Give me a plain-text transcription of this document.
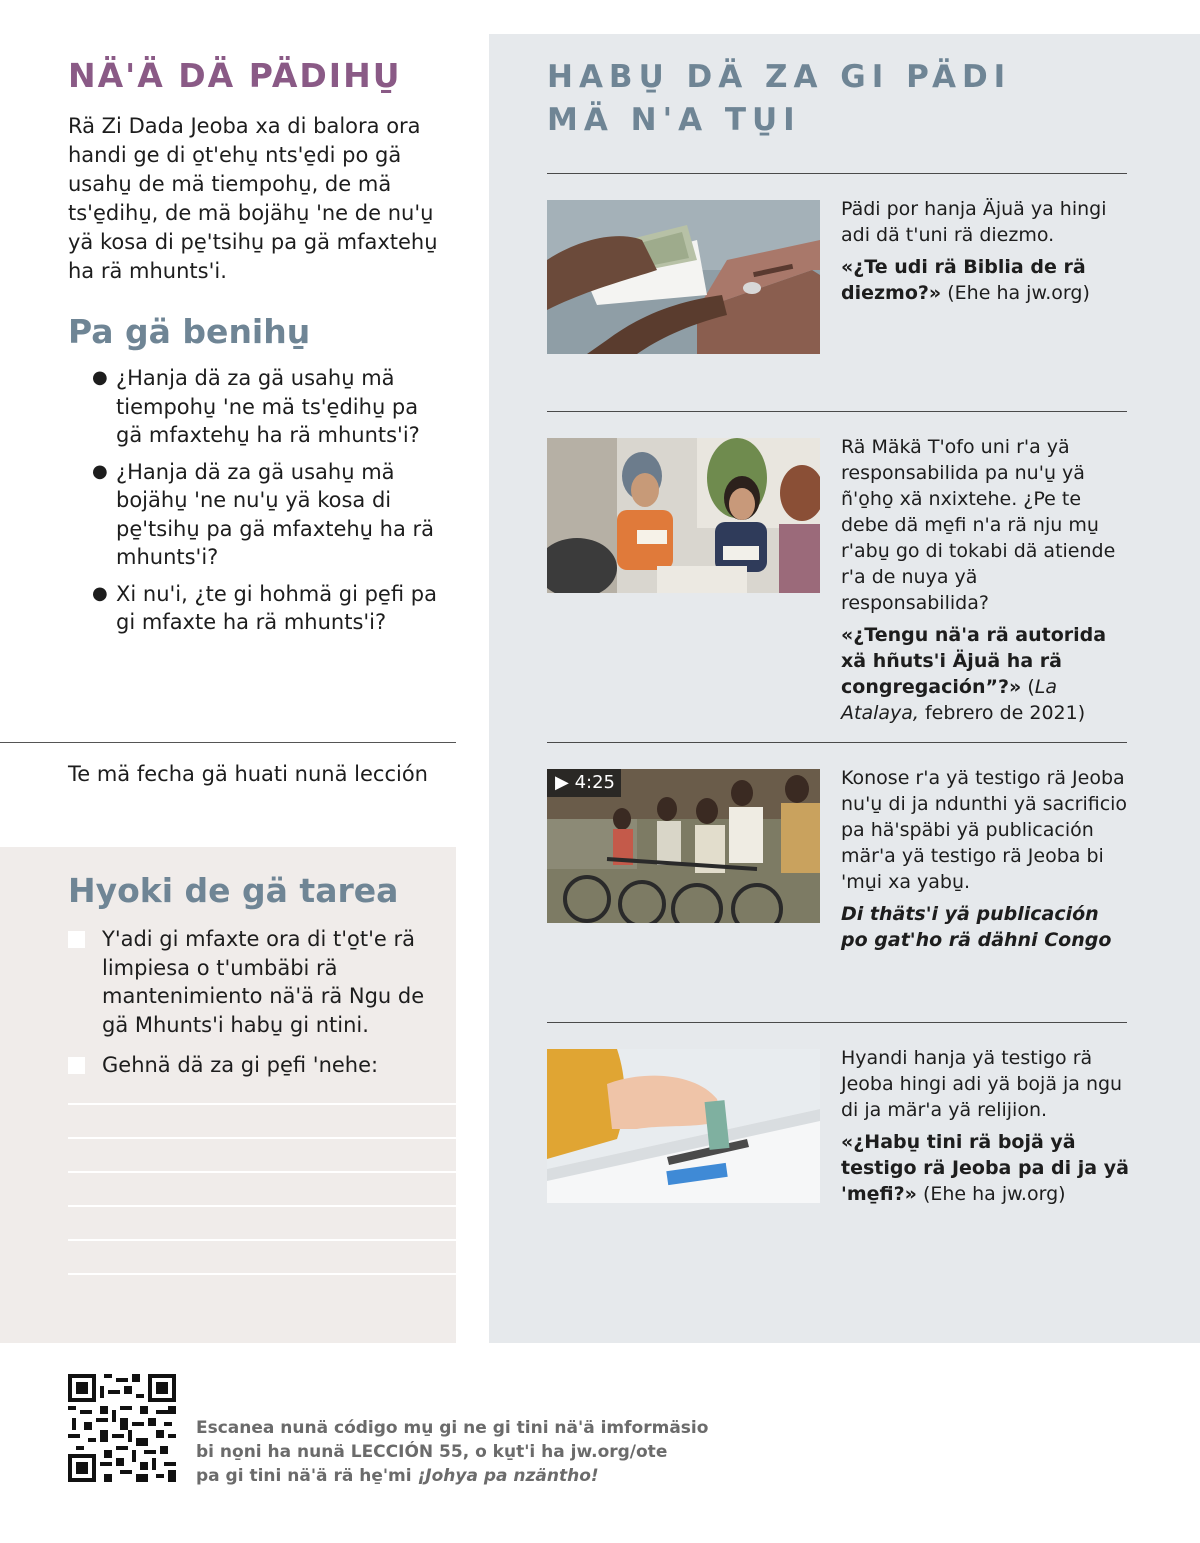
NÄ'Ä DÄ PÄDIHU̱

Rä Zi Dada Jeoba xa di balora ora handi ge di o̱t'ehu̱ nts'e̱di po gä usahu̱ de mä tiempohu̱, de mä ts'e̱dihu̱, de mä bojähu̱ 'ne de nu'u̱ yä kosa di pe̱'tsihu̱ pa gä mfaxtehu̱ ha rä mhunts'i.

Pa gä benihu̱
● ¿Hanja dä za gä usahu̱ mä tiempohu̱ 'ne mä ts'e̱dihu̱ pa gä mfaxtehu̱ ha rä mhunts'i?
● ¿Hanja dä za gä usahu̱ mä bojähu̱ 'ne nu'u̱ yä kosa di pe̱'tsihu̱ pa gä mfaxtehu̱ ha rä mhunts'i?
● Xi nu'i, ¿te gi hohmä gi pe̱fi pa gi mfaxte ha rä mhunts'i?

Te mä fecha gä huati nunä lección

Hyoki de gä tarea
Y'adi gi mfaxte ora di t'o̱t'e rä limpiesa o t'umbäbi rä mantenimiento nä'ä rä Ngu de gä Mhunts'i habu̱ gi ntini.
Gehnä dä za gi pe̱fi 'nehe:
HABU̱ DÄ ZA GI PÄDI
MÄ N'A TU̱I

Pädi por hanja Äjuä ya hingi adi dä t'uni rä diezmo.

«¿Te udi rä Biblia de rä diezmo?» (Ehe ha jw.org)

Rä Mäkä T'ofo uni r'a yä responsabilida pa nu'u̱ yä ñ'o̱ho̱ xä nxixtehe. ¿Pe te debe dä me̱fi n'a rä nju mu̱ r'abu̱ go di tokabi dä atiende r'a de nuya yä responsabilida?

«¿Tengu nä'a rä autorida xä hñuts'i Äjuä ha rä congregación”?» (La Atalaya, febrero de 2021)

▶ 4:25	Konose r'a yä testigo rä Jeoba nu'u̱ di ja ndunthi yä sacrificio pa hä'späbi yä publicación mär'a yä testigo rä Jeoba bi 'mu̱i xa yabu̱.

Di thäts'i yä publicación po gat'ho rä dähni Congo

Hyandi hanja yä testigo rä Jeoba hingi adi yä bojä ja ngu di ja mär'a yä relijion.

«¿Habu̱ tini rä bojä yä testigo rä Jeoba pa di ja yä 'me̱fi?» (Ehe ha jw.org)

Escanea nunä código mu̱ gi ne gi tini nä'ä imformäsio
bi no̱ni ha nunä LECCIÓN 55, o ku̱t'i ha jw.org/ote
pa gi tini nä'ä rä he̱'mi ¡Johya pa nzäntho!
